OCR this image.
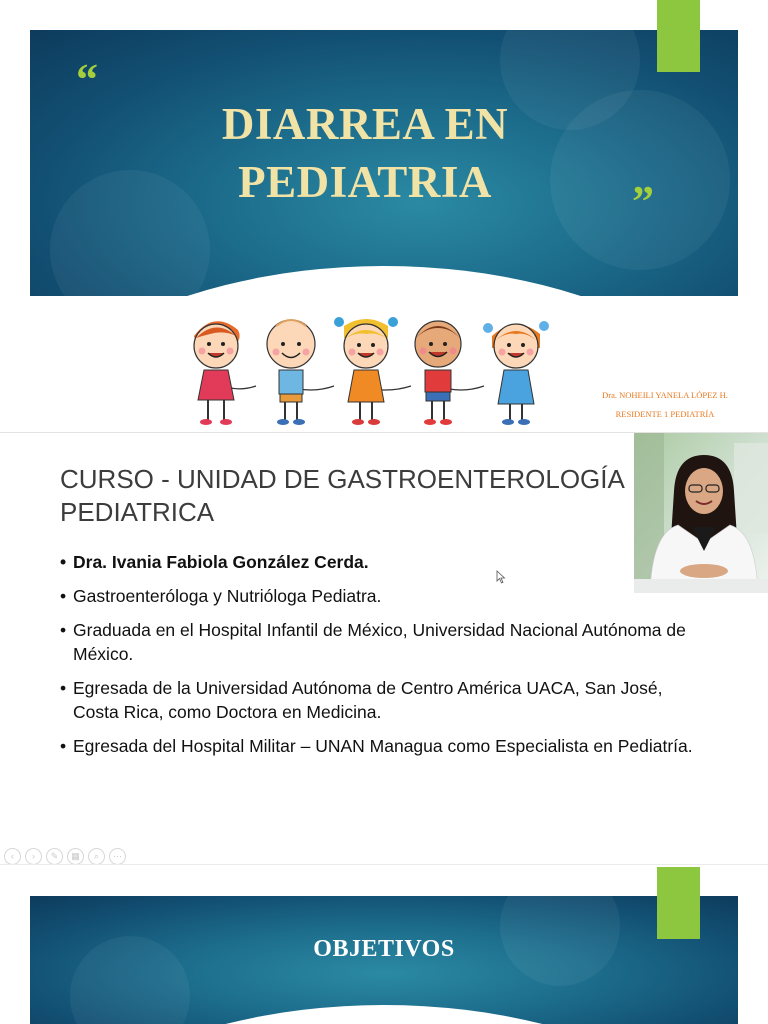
“
”
DIARREA EN
PEDIATRIA
Dra. NOHEILI YANELA LÓPEZ H.
RESIDENTE 1 PEDIATRÍA
CURSO - UNIDAD DE GASTROENTEROLOGÍA
PEDIATRICA
• Dra. Ivania Fabiola González Cerda.
• Gastroenteróloga y Nutrióloga Pediatra.
• Graduada en el Hospital Infantil de México, Universidad Nacional Autónoma de México.
• Egresada de la Universidad Autónoma de Centro América UACA, San José, Costa Rica, como Doctora en Medicina.
• Egresada del Hospital Militar – UNAN Managua como Especialista en Pediatría.
‹	›	✎	▦	⌕	⋯
OBJETIVOS
